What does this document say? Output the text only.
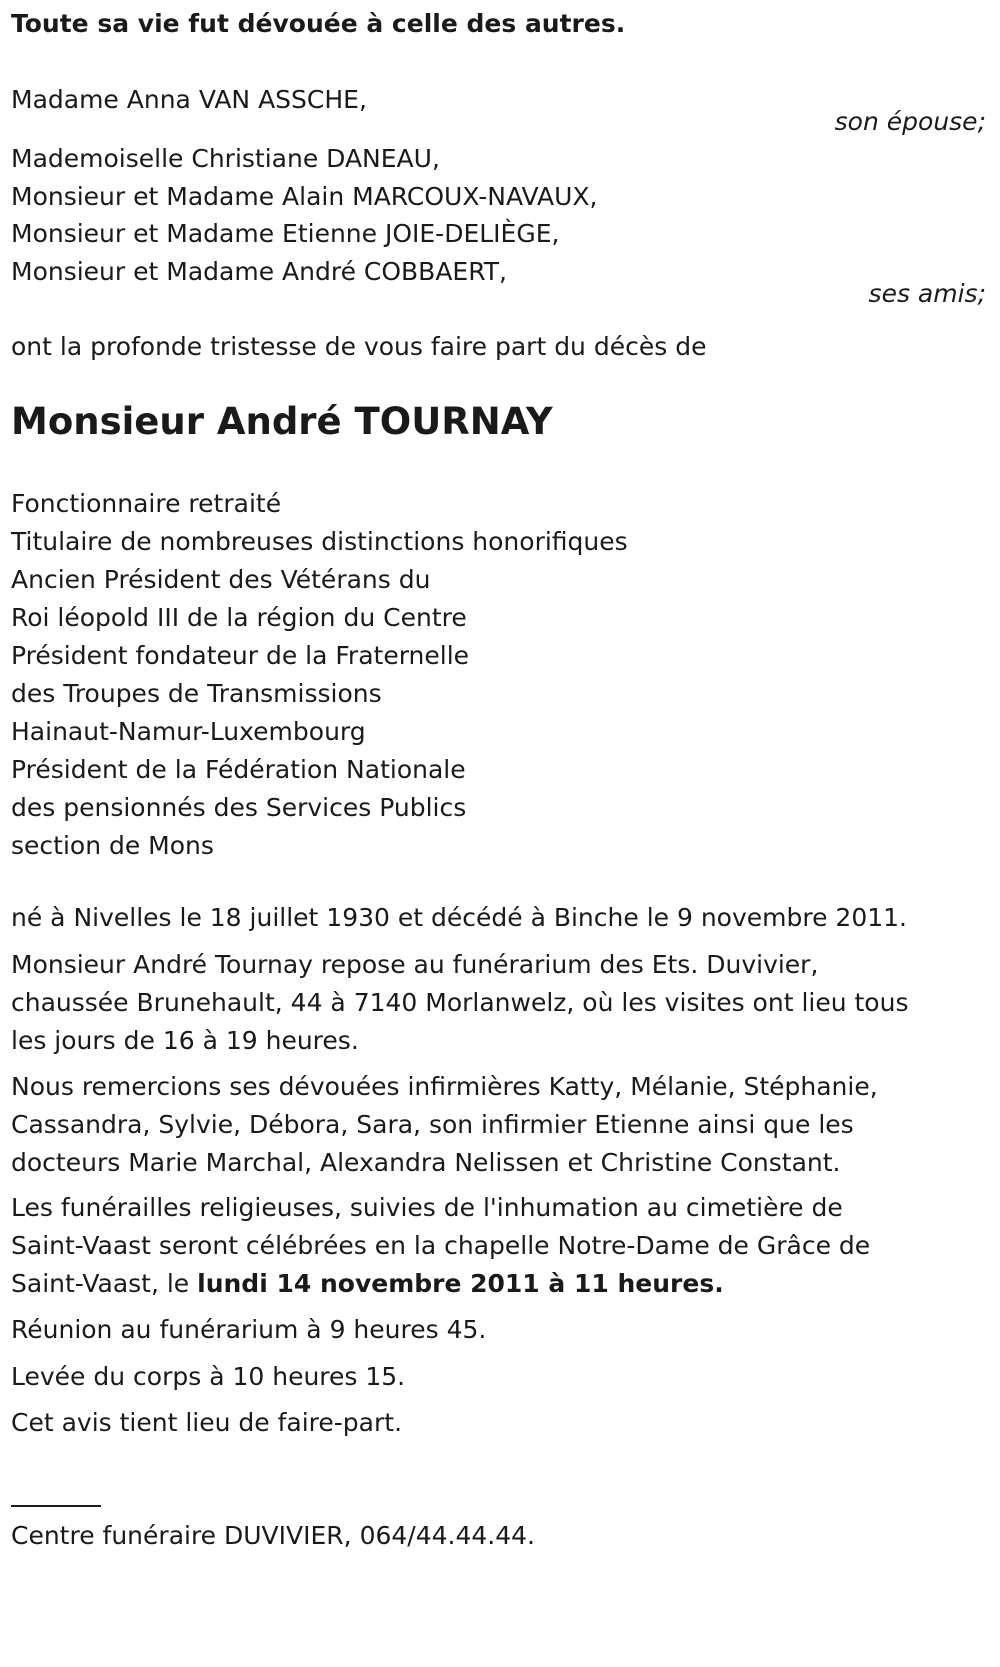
Toute sa vie fut dévouée à celle des autres.
Madame Anna VAN ASSCHE,
son épouse;
Mademoiselle Christiane DANEAU,
Monsieur et Madame Alain MARCOUX-NAVAUX,
Monsieur et Madame Etienne JOIE-DELIÈGE,
Monsieur et Madame André COBBAERT,
ses amis;
ont la profonde tristesse de vous faire part du décès de
Monsieur André TOURNAY
Fonctionnaire retraité
Titulaire de nombreuses distinctions honorifiques
Ancien Président des Vétérans du
Roi léopold III de la région du Centre
Président fondateur de la Fraternelle
des Troupes de Transmissions
Hainaut-Namur-Luxembourg
Président de la Fédération Nationale
des pensionnés des Services Publics
section de Mons
né à Nivelles le 18 juillet 1930 et décédé à Binche le 9 novembre 2011.
Monsieur André Tournay repose au funérarium des Ets. Duvivier,
chaussée Brunehault, 44 à 7140 Morlanwelz, où les visites ont lieu tous
les jours de 16 à 19 heures.
Nous remercions ses dévouées infirmières Katty, Mélanie, Stéphanie,
Cassandra, Sylvie, Débora, Sara, son infirmier Etienne ainsi que les
docteurs Marie Marchal, Alexandra Nelissen et Christine Constant.
Les funérailles religieuses, suivies de l'inhumation au cimetière de
Saint-Vaast seront célébrées en la chapelle Notre-Dame de Grâce de
Saint-Vaast, le lundi 14 novembre 2011 à 11 heures.
Réunion au funérarium à 9 heures 45.
Levée du corps à 10 heures 15.
Cet avis tient lieu de faire-part.
Centre funéraire DUVIVIER, 064/44.44.44.
